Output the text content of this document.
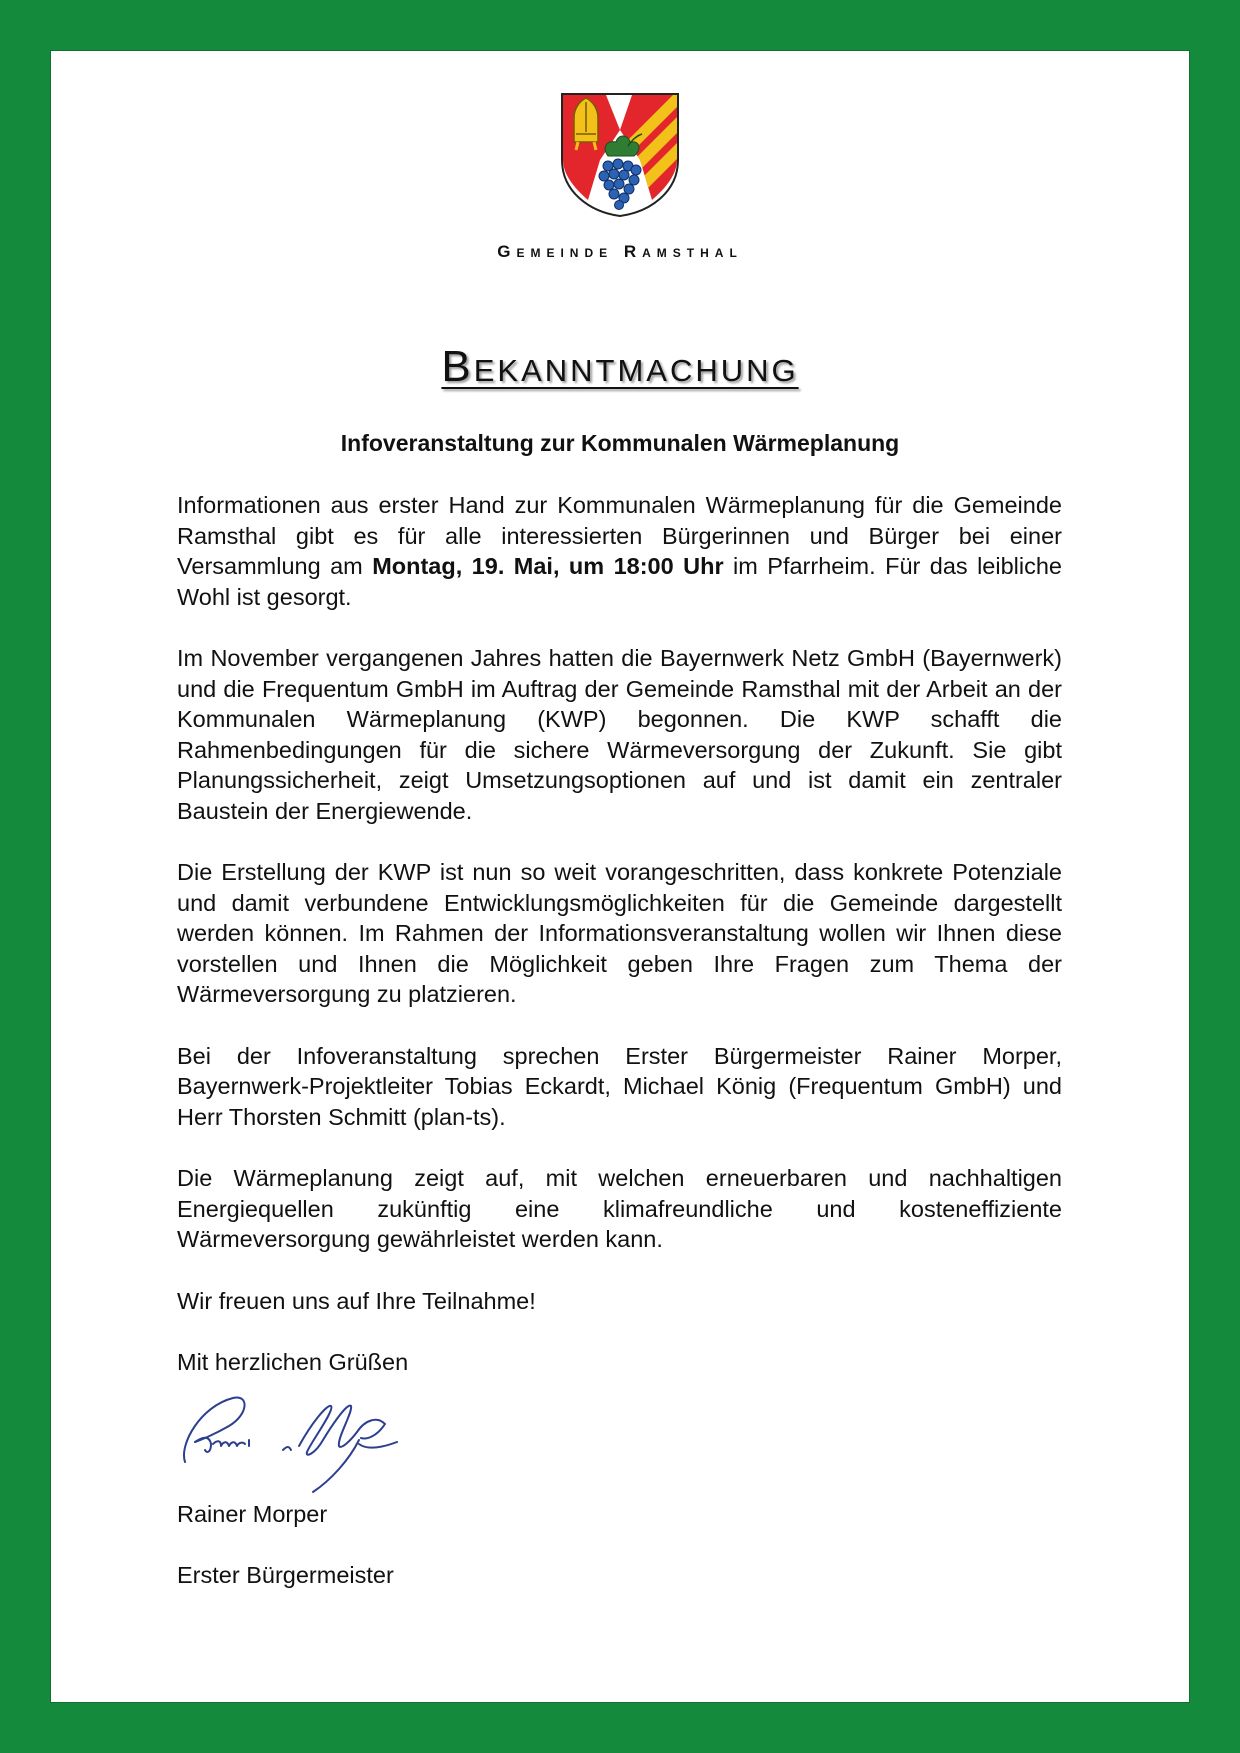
Gemeinde Ramsthal
Bekanntmachung
Infoveranstaltung zur Kommunalen Wärmeplanung

Informationen aus erster Hand zur Kommunalen Wärmeplanung für die Gemeinde Ramsthal gibt es für alle interessierten Bürgerinnen und Bürger bei einer Versammlung am Montag, 19. Mai, um 18:00 Uhr im Pfarrheim. Für das leibliche Wohl ist gesorgt.

Im November vergangenen Jahres hatten die Bayernwerk Netz GmbH (Bayernwerk) und die Frequentum GmbH im Auftrag der Gemeinde Ramsthal mit der Arbeit an der Kommunalen Wärmeplanung (KWP) begonnen. Die KWP schafft die Rahmenbedingungen für die sichere Wärmeversorgung der Zukunft. Sie gibt Planungssicherheit, zeigt Umsetzungsoptionen auf und ist damit ein zentraler Baustein der Energiewende.

Die Erstellung der KWP ist nun so weit vorangeschritten, dass konkrete Potenziale und damit verbundene Entwicklungsmöglichkeiten für die Gemeinde dargestellt werden können. Im Rahmen der Informationsveranstaltung wollen wir Ihnen diese vorstellen und Ihnen die Möglichkeit geben Ihre Fragen zum Thema der Wärmeversorgung zu platzieren.

Bei der Infoveranstaltung sprechen Erster Bürgermeister Rainer Morper, Bayernwerk-Projektleiter Tobias Eckardt, Michael König (Frequentum GmbH) und Herr Thorsten Schmitt (plan-ts).

Die Wärmeplanung zeigt auf, mit welchen erneuerbaren und nachhaltigen Energiequellen zukünftig eine klimafreundliche und kosteneffiziente Wärmeversorgung gewährleistet werden kann.

Wir freuen uns auf Ihre Teilnahme!

Mit herzlichen Grüßen

Rainer Morper

Erster Bürgermeister
